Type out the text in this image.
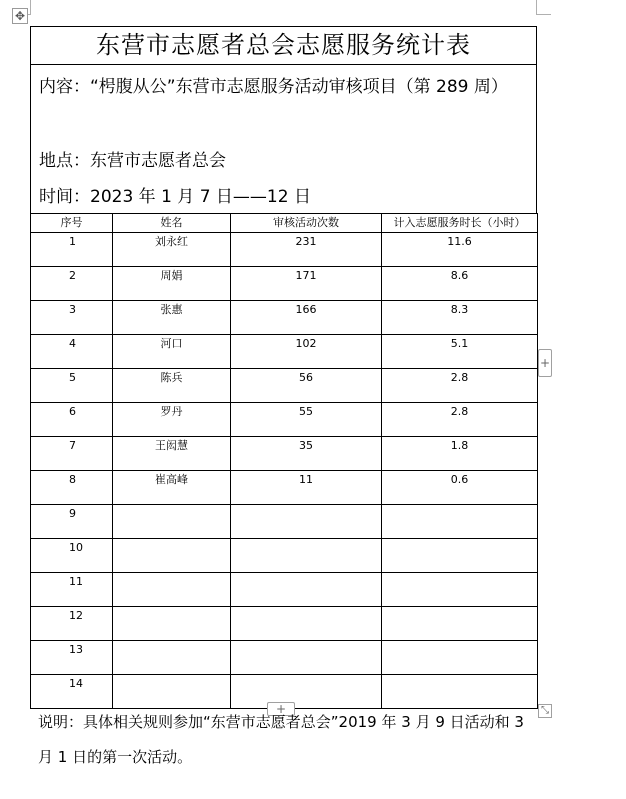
✥
东营市志愿者总会志愿服务统计表
内容：“枵腹从公”东营市志愿服务活动审核项目（第 289 周）
地点：东营市志愿者总会
时间：2023 年 1 月 7 日——12 日
序号	姓名	审核活动次数	计入志愿服务时长（小时）
1	刘永红	231	11.6
2	周娟	171	8.6
3	张惠	166	8.3
4	河口	102	5.1
5	陈兵	56	2.8
6	罗丹	55	2.8
7	王闳慧	35	1.8
8	崔高峰	11	0.6
9			
10			
11			
12			
13			
14			
+
+	⤡
说明：具体相关规则参加“东营市志愿者总会”2019 年 3 月 9 日活动和 3 月 1 日的第一次活动。
